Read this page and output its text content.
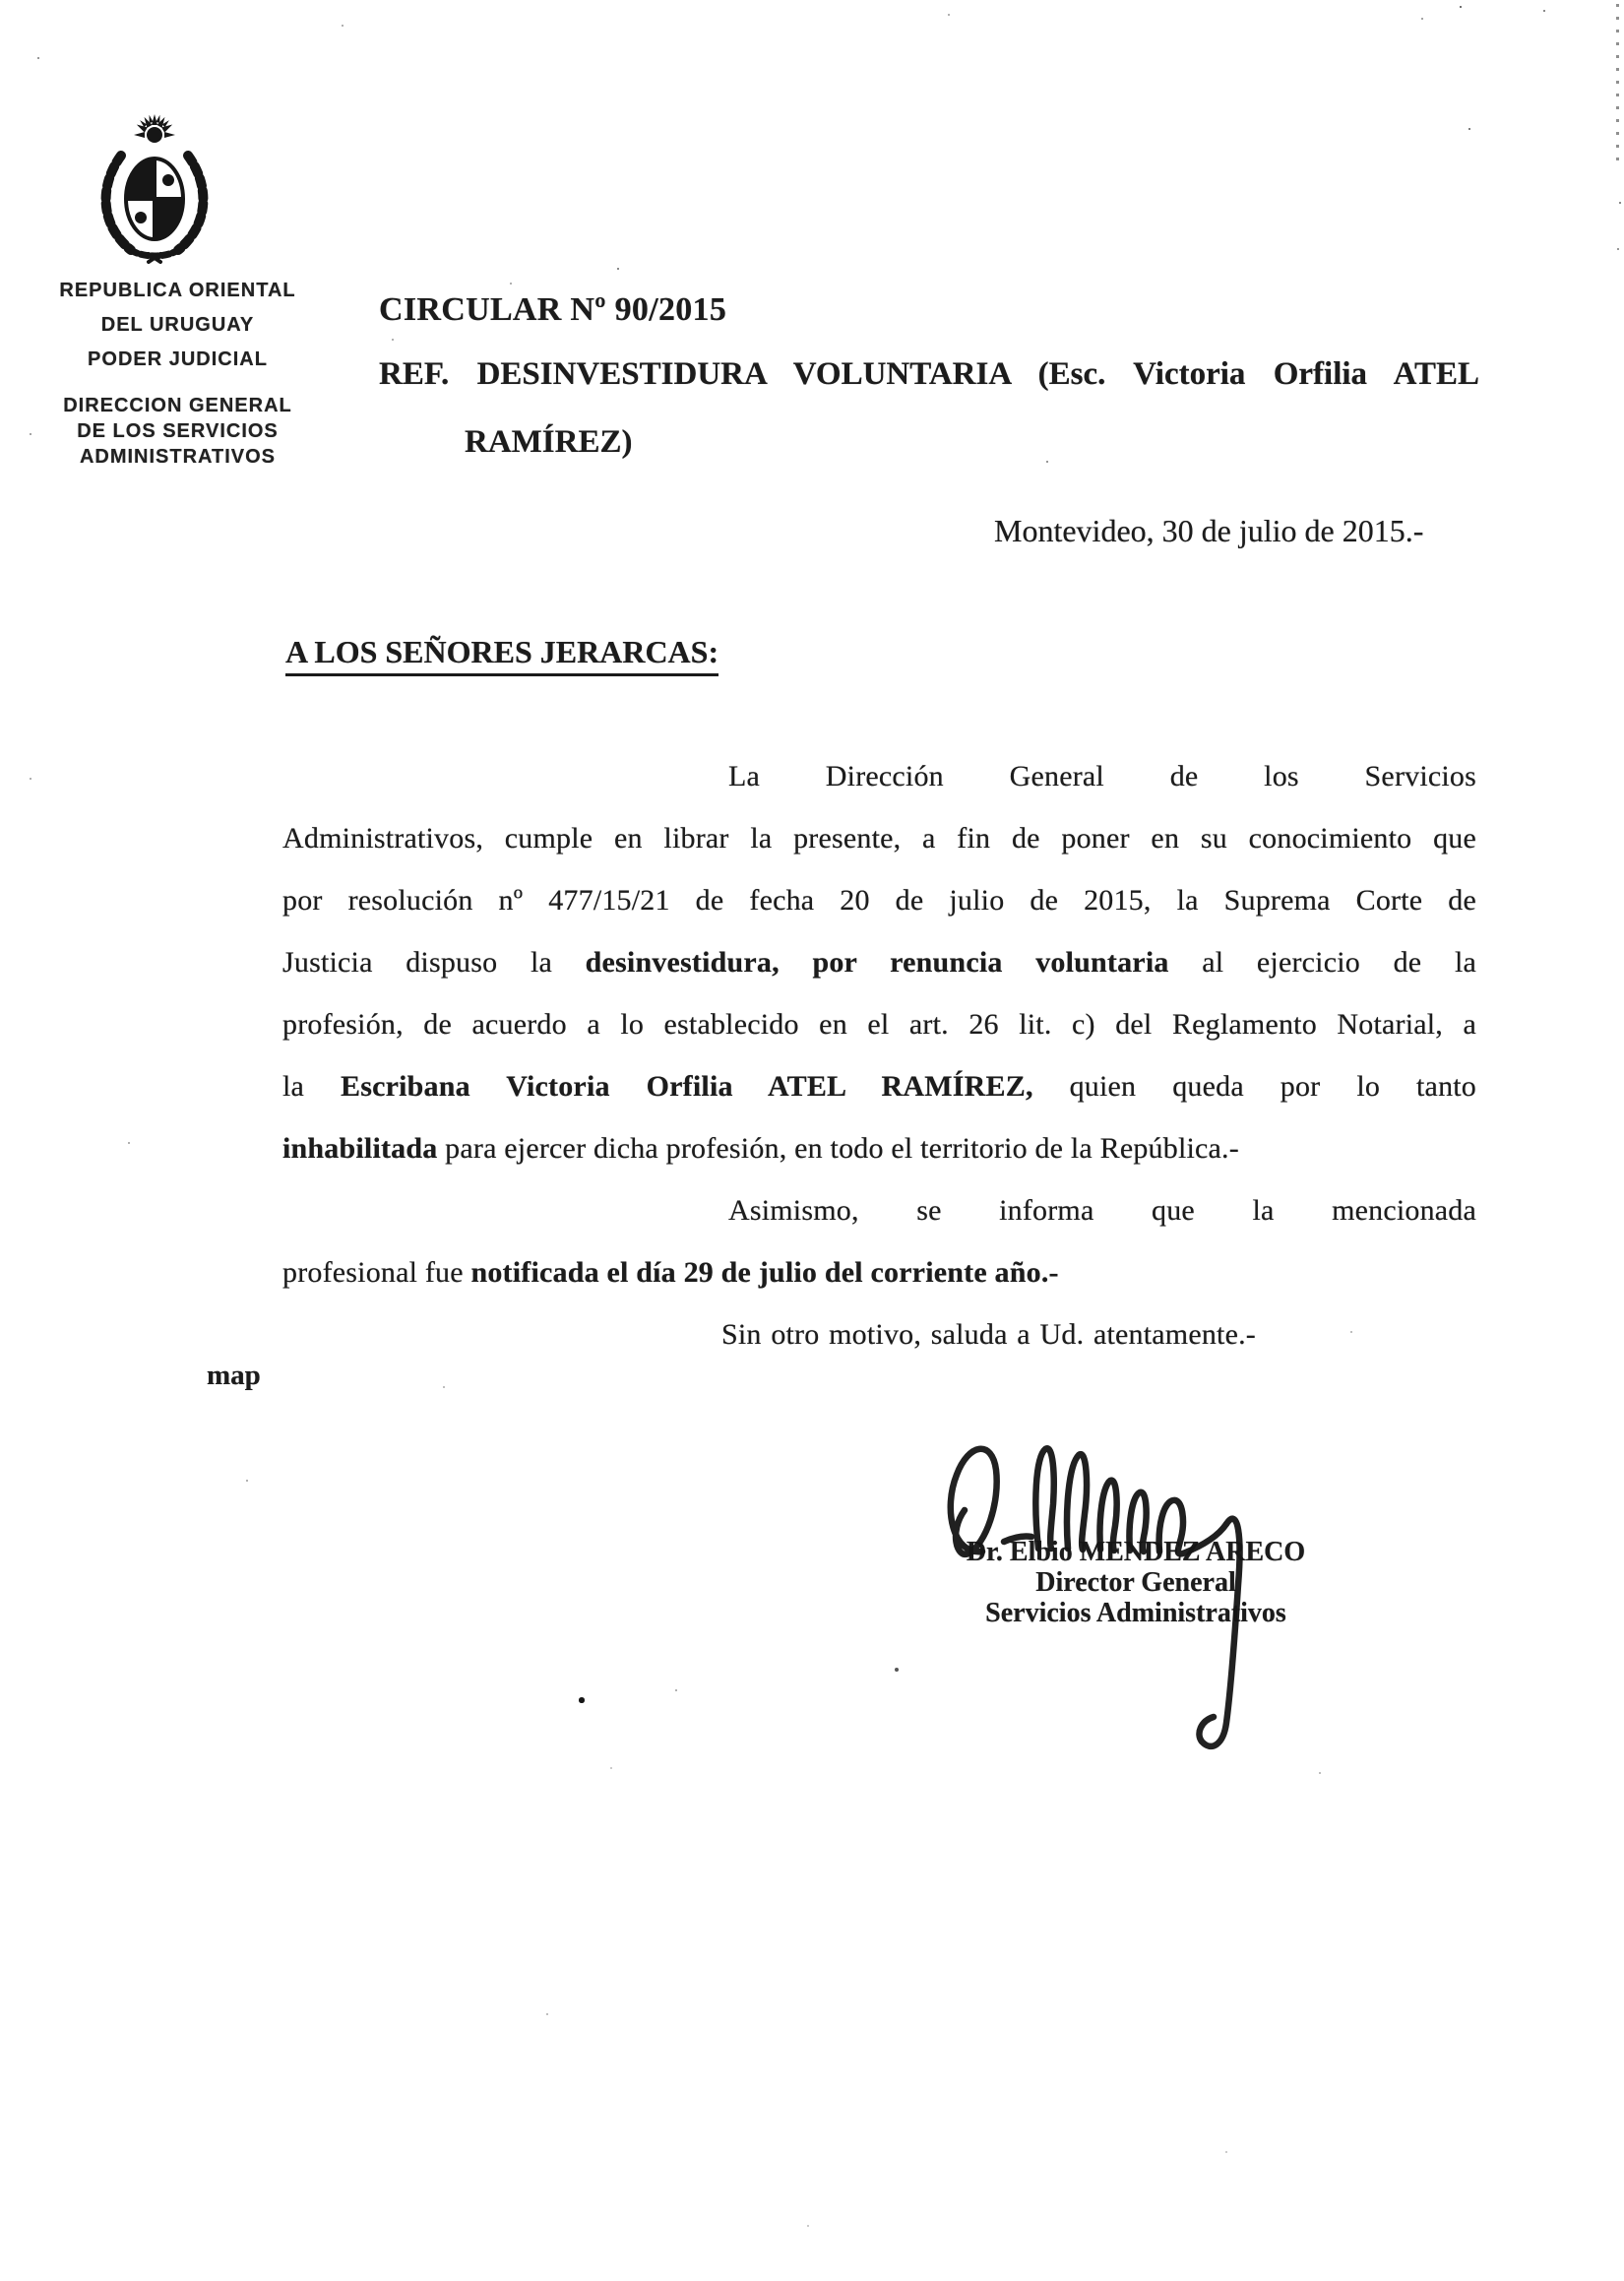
REPUBLICA ORIENTAL
DEL URUGUAY
PODER JUDICIAL
DIRECCION GENERAL
DE LOS SERVICIOS
ADMINISTRATIVOS
CIRCULAR Nº 90/2015
REF. DESINVESTIDURA VOLUNTARIA (Esc. Victoria Orfilia ATEL
RAMÍREZ)
Montevideo, 30 de julio de 2015.-
A LOS SEÑORES JERARCAS:
La Dirección General de los Servicios
Administrativos, cumple en librar la presente, a fin de poner en su conocimiento que
por resolución nº 477/15/21 de fecha 20 de julio de 2015, la Suprema Corte de
Justicia dispuso la desinvestidura, por renuncia voluntaria al ejercicio de la
profesión, de acuerdo a lo establecido en el art. 26 lit. c) del Reglamento Notarial, a
la Escribana Victoria Orfilia ATEL RAMÍREZ, quien queda por lo tanto
inhabilitada para ejercer dicha profesión, en todo el territorio de la República.-
Asimismo, se informa que la mencionada
profesional fue notificada el día 29 de julio del corriente año.-
Sin otro motivo, saluda a Ud. atentamente.-
map
Dr. Elbio MENDEZ ARECO
Director General
Servicios Administrativos
